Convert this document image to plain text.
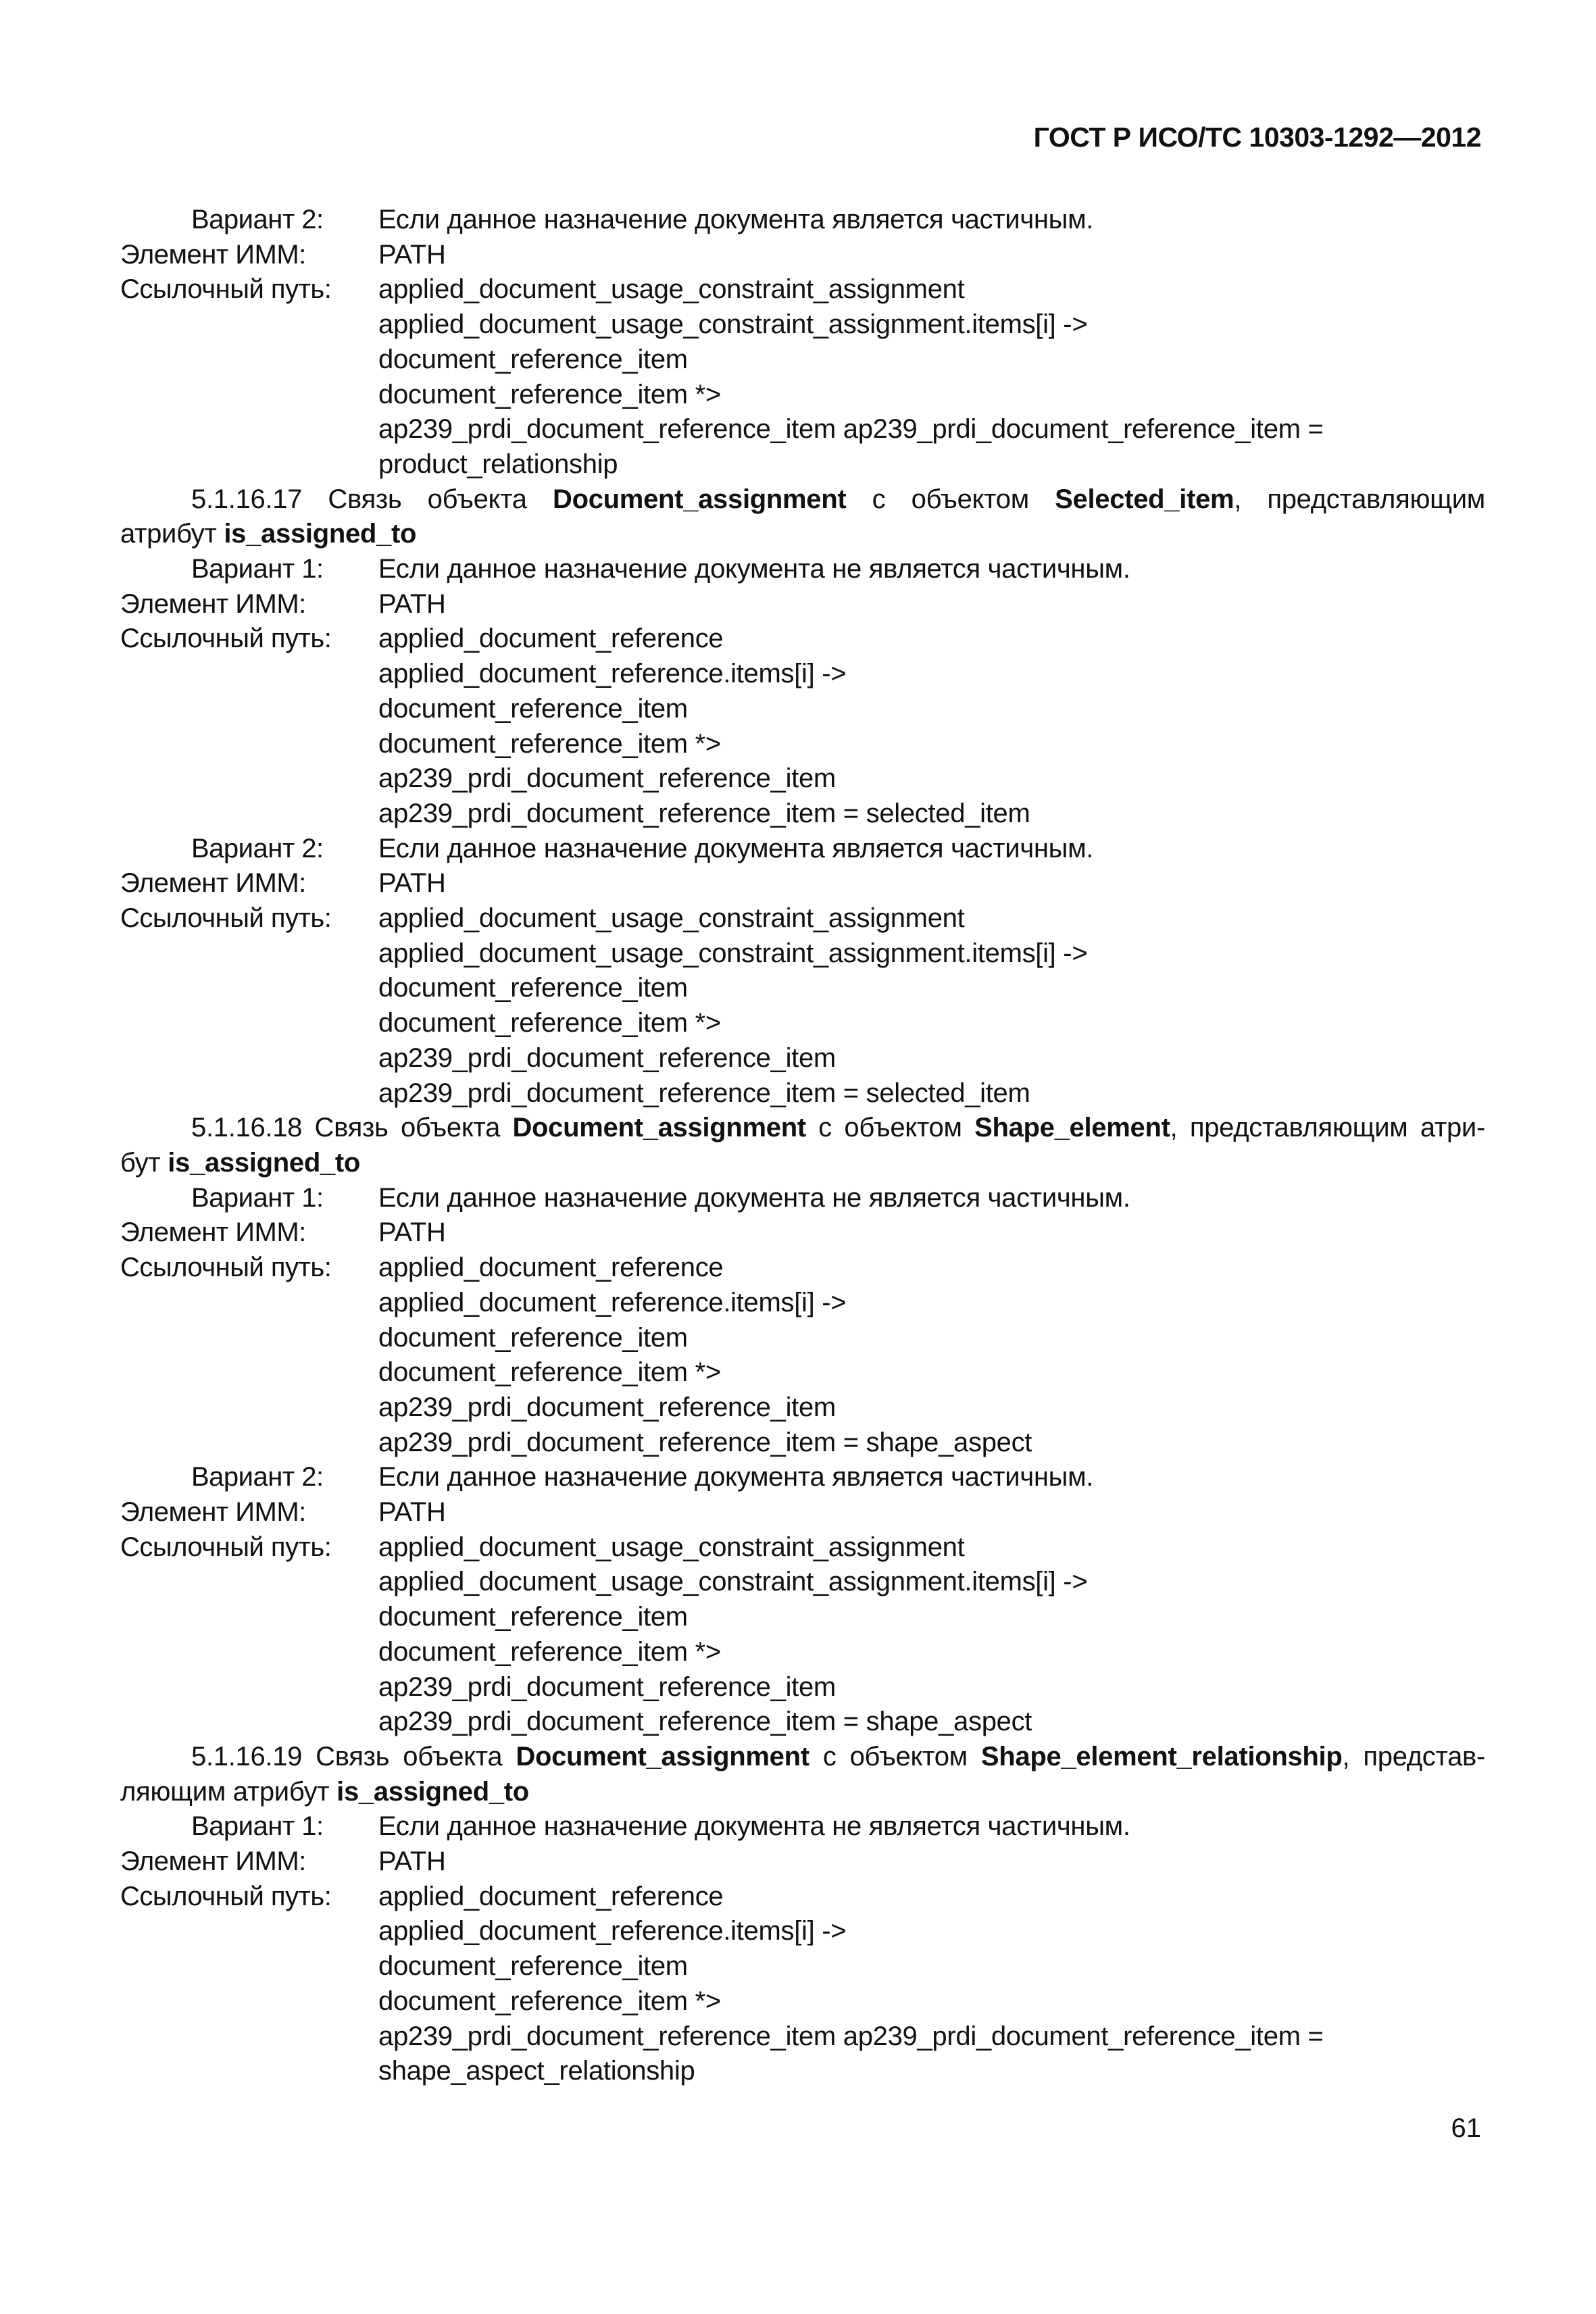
ГОСТ Р ИСО/ТС 10303-1292—2012
Вариант 2:	Если данное назначение документа является частичным.
Элемент ИММ:	PATH
Ссылочный путь:	applied_document_usage_constraint_assignment
applied_document_usage_constraint_assignment.items[i] ->
document_reference_item
document_reference_item *>
ap239_prdi_document_reference_item ap239_prdi_document_reference_item =
product_relationship
5.1.16.17 Связь объекта Document_assignment с объектом Selected_item, представляющим
атрибут is_assigned_to
Вариант 1:	Если данное назначение документа не является частичным.
Элемент ИММ:	PATH
Ссылочный путь:	applied_document_reference
applied_document_reference.items[i] ->
document_reference_item
document_reference_item *>
ap239_prdi_document_reference_item
ap239_prdi_document_reference_item = selected_item
Вариант 2:	Если данное назначение документа является частичным.
Элемент ИММ:	PATH
Ссылочный путь:	applied_document_usage_constraint_assignment
applied_document_usage_constraint_assignment.items[i] ->
document_reference_item
document_reference_item *>
ap239_prdi_document_reference_item
ap239_prdi_document_reference_item = selected_item
5.1.16.18 Связь объекта Document_assignment с объектом Shape_element, представляющим атри-
бут is_assigned_to
Вариант 1:	Если данное назначение документа не является частичным.
Элемент ИММ:	PATH
Ссылочный путь:	applied_document_reference
applied_document_reference.items[i] ->
document_reference_item
document_reference_item *>
ap239_prdi_document_reference_item
ap239_prdi_document_reference_item = shape_aspect
Вариант 2:	Если данное назначение документа является частичным.
Элемент ИММ:	PATH
Ссылочный путь:	applied_document_usage_constraint_assignment
applied_document_usage_constraint_assignment.items[i] ->
document_reference_item
document_reference_item *>
ap239_prdi_document_reference_item
ap239_prdi_document_reference_item = shape_aspect
5.1.16.19 Связь объекта Document_assignment с объектом Shape_element_relationship, представ-
ляющим атрибут is_assigned_to
Вариант 1:	Если данное назначение документа не является частичным.
Элемент ИММ:	PATH
Ссылочный путь:	applied_document_reference
applied_document_reference.items[i] ->
document_reference_item
document_reference_item *>
ap239_prdi_document_reference_item ap239_prdi_document_reference_item =
shape_aspect_relationship
61
